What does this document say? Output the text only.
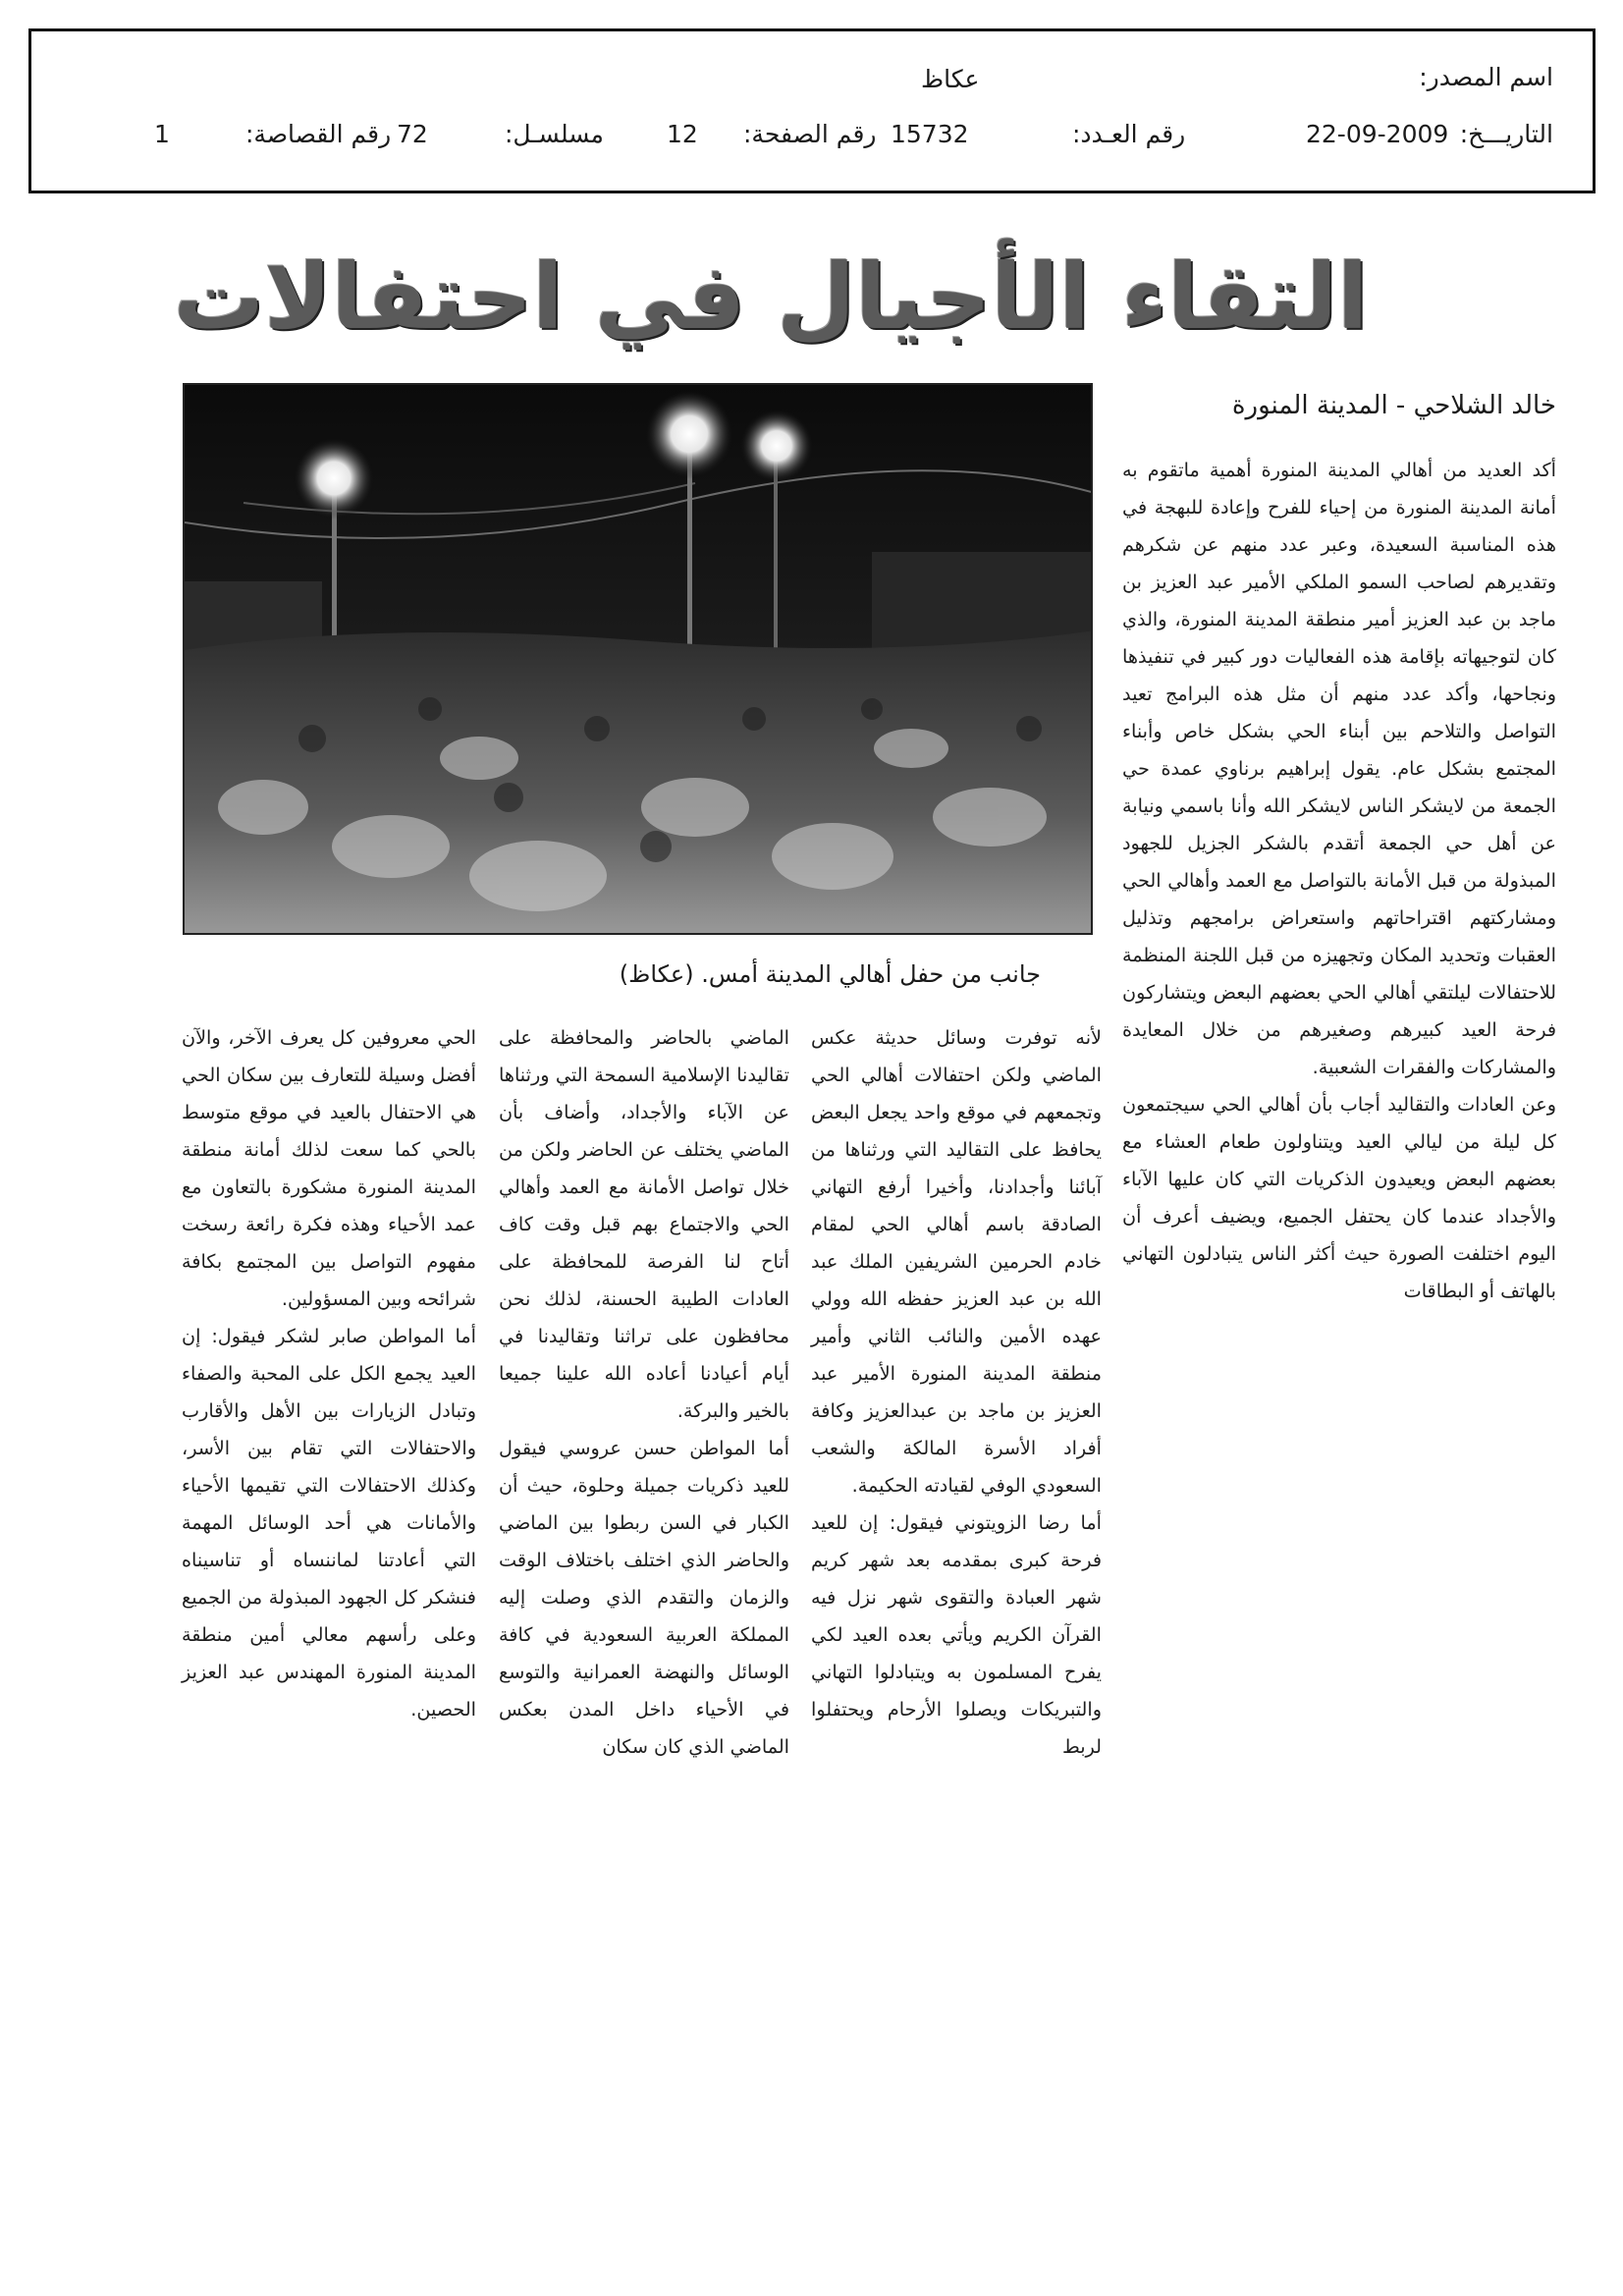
اسم المصدر:
عكاظ
التاريـــخ:
22-09-2009
رقم العـدد:
15732
رقم الصفحة:
12
مسلسـل:
72
رقم القصاصة:
1
التقاء الأجيال في احتفالات
جانب من حفل أهالي المدينة أمس. (عكاظ)
خالد الشلاحي - المدينة المنورة

أكد العديد من أهالي المدينة المنورة أهمية ماتقوم به أمانة المدينة المنورة من إحياء للفرح وإعادة للبهجة في هذه المناسبة السعيدة، وعبر عدد منهم عن شكرهم وتقديرهم لصاحب السمو الملكي الأمير عبد العزيز بن ماجد بن عبد العزيز أمير منطقة المدينة المنورة، والذي كان لتوجيهاته بإقامة هذه الفعاليات دور كبير في تنفيذها ونجاحها، وأكد عدد منهم أن مثل هذه البرامج تعيد التواصل والتلاحم بين أبناء الحي بشكل خاص وأبناء المجتمع بشكل عام. يقول إبراهيم برناوي عمدة حي الجمعة من لايشكر الناس لايشكر الله وأنا باسمي ونيابة عن أهل حي الجمعة أتقدم بالشكر الجزيل للجهود المبذولة من قبل الأمانة بالتواصل مع العمد وأهالي الحي ومشاركتهم اقتراحاتهم واستعراض برامجهم وتذليل العقبات وتحديد المكان وتجهيزه من قبل اللجنة المنظمة للاحتفالات ليلتقي أهالي الحي بعضهم البعض ويتشاركون فرحة العيد كبيرهم وصغيرهم من خلال المعايدة والمشاركات والفقرات الشعبية.

وعن العادات والتقاليد أجاب بأن أهالي الحي سيجتمعون كل ليلة من ليالي العيد ويتناولون طعام العشاء مع بعضهم البعض ويعيدون الذكريات التي كان عليها الآباء والأجداد عندما كان يحتفل الجميع، ويضيف أعرف أن اليوم اختلفت الصورة حيث أكثر الناس يتبادلون التهاني بالهاتف أو البطاقات

لأنه توفرت وسائل حديثة عكس الماضي ولكن احتفالات أهالي الحي وتجمعهم في موقع واحد يجعل البعض يحافظ على التقاليد التي ورثناها من آبائنا وأجدادنا، وأخيرا أرفع التهاني الصادقة باسم أهالي الحي لمقام خادم الحرمين الشريفين الملك عبد الله بن عبد العزيز حفظه الله وولي عهده الأمين والنائب الثاني وأمير منطقة المدينة المنورة الأمير عبد العزيز بن ماجد بن عبدالعزيز وكافة أفراد الأسرة المالكة والشعب السعودي الوفي لقيادته الحكيمة.

أما رضا الزويتوني فيقول: إن للعيد فرحة كبرى بمقدمه بعد شهر كريم شهر العبادة والتقوى شهر نزل فيه القرآن الكريم ويأتي بعده العيد لكي يفرح المسلمون به ويتبادلوا التهاني والتبريكات ويصلوا الأرحام ويحتفلوا لربط

الماضي بالحاضر والمحافظة على تقاليدنا الإسلامية السمحة التي ورثناها عن الآباء والأجداد، وأضاف بأن الماضي يختلف عن الحاضر ولكن من خلال تواصل الأمانة مع العمد وأهالي الحي والاجتماع بهم قبل وقت كاف أتاح لنا الفرصة للمحافظة على العادات الطيبة الحسنة، لذلك نحن محافظون على تراثنا وتقاليدنا في أيام أعيادنا أعاده الله علينا جميعا بالخير والبركة.

أما المواطن حسن عروسي فيقول للعيد ذكريات جميلة وحلوة، حيث أن الكبار في السن ربطوا بين الماضي والحاضر الذي اختلف باختلاف الوقت والزمان والتقدم الذي وصلت إليه المملكة العربية السعودية في كافة الوسائل والنهضة العمرانية والتوسع في الأحياء داخل المدن بعكس الماضي الذي كان سكان

الحي معروفين كل يعرف الآخر، والآن أفضل وسيلة للتعارف بين سكان الحي هي الاحتفال بالعيد في موقع متوسط بالحي كما سعت لذلك أمانة منطقة المدينة المنورة مشكورة بالتعاون مع عمد الأحياء وهذه فكرة رائعة رسخت مفهوم التواصل بين المجتمع بكافة شرائحه وبين المسؤولين.

أما المواطن صابر لشكر فيقول: إن العيد يجمع الكل على المحبة والصفاء وتبادل الزيارات بين الأهل والأقارب والاحتفالات التي تقام بين الأسر، وكذلك الاحتفالات التي تقيمها الأحياء والأمانات هي أحد الوسائل المهمة التي أعادتنا لماننساه أو تناسيناه فنشكر كل الجهود المبذولة من الجميع وعلى رأسهم معالي أمين منطقة المدينة المنورة المهندس عبد العزيز الحصين.
